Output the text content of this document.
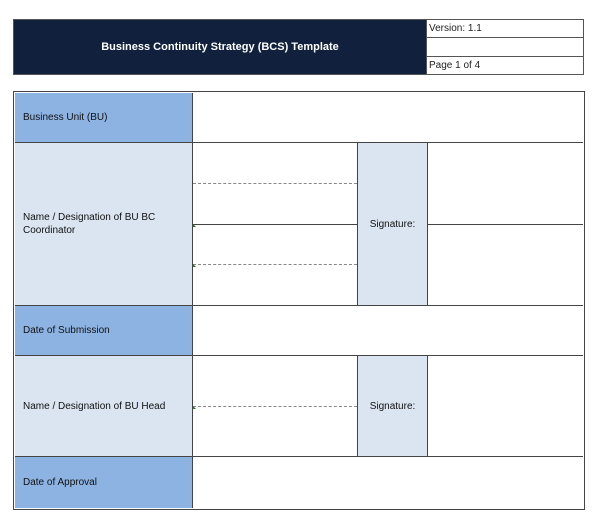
Business Continuity Strategy (BCS) Template
Version: 1.1
Page 1 of 4
Business Unit (BU)
Name / Designation of BU BC Coordinator
Signature:
Date of Submission
Name / Designation of BU Head	Signature:
Date of Approval
